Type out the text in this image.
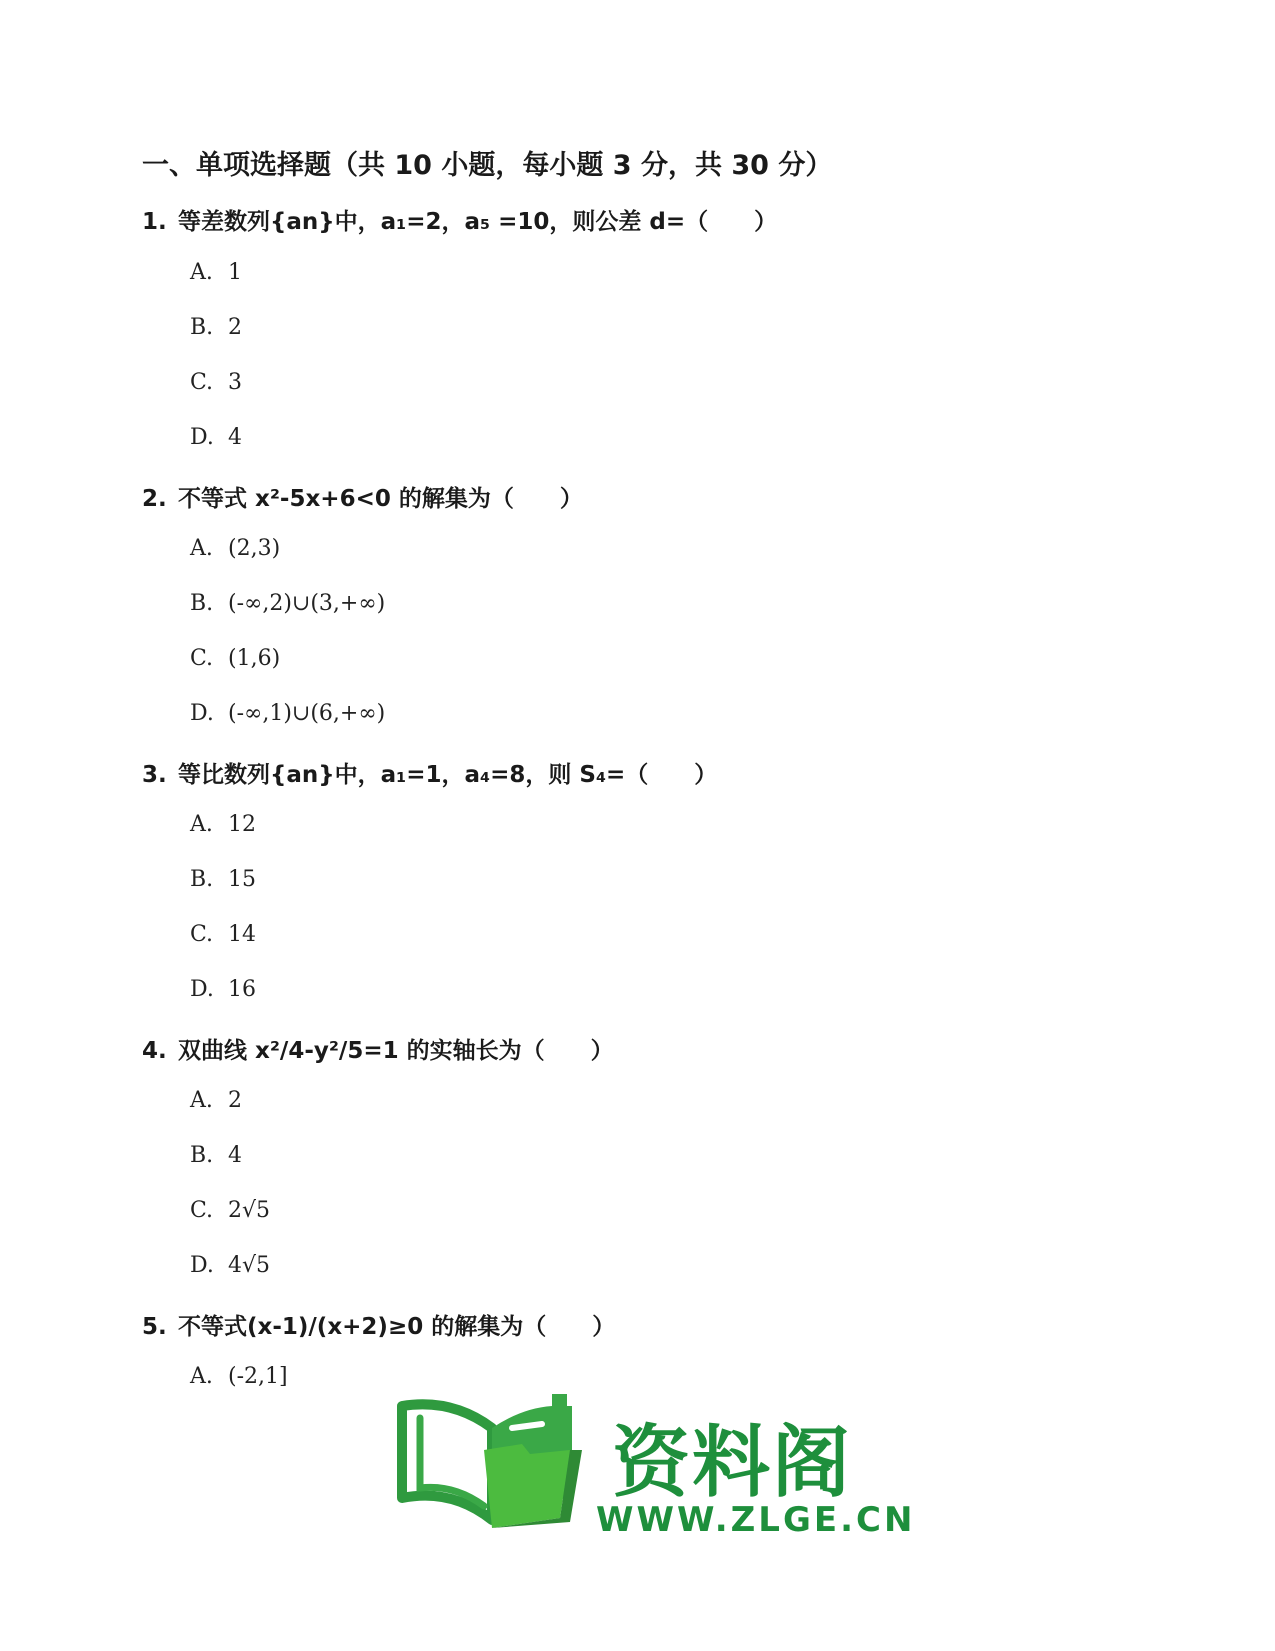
一、单项选择题（共 10 小题，每小题 3 分，共 30 分）
1. 等差数列{an}中，a₁=2，a₅ =10，则公差 d=（　　）
A. 1
B. 2
C. 3
D. 4
2. 不等式 x²-5x+6<0 的解集为（　　）
A. (2,3)
B. (-∞,2)∪(3,+∞)
C. (1,6)
D. (-∞,1)∪(6,+∞)
3. 等比数列{an}中，a₁=1，a₄=8，则 S₄=（　　）
A. 12
B. 15
C. 14
D. 16
4. 双曲线 x²/4-y²/5=1 的实轴长为（　　）
A. 2
B. 4
C. 2√5
D. 4√5
5. 不等式(x-1)/(x+2)≥0 的解集为（　　）
A. (-2,1]
资料阁
WWW.ZLGE.CN
